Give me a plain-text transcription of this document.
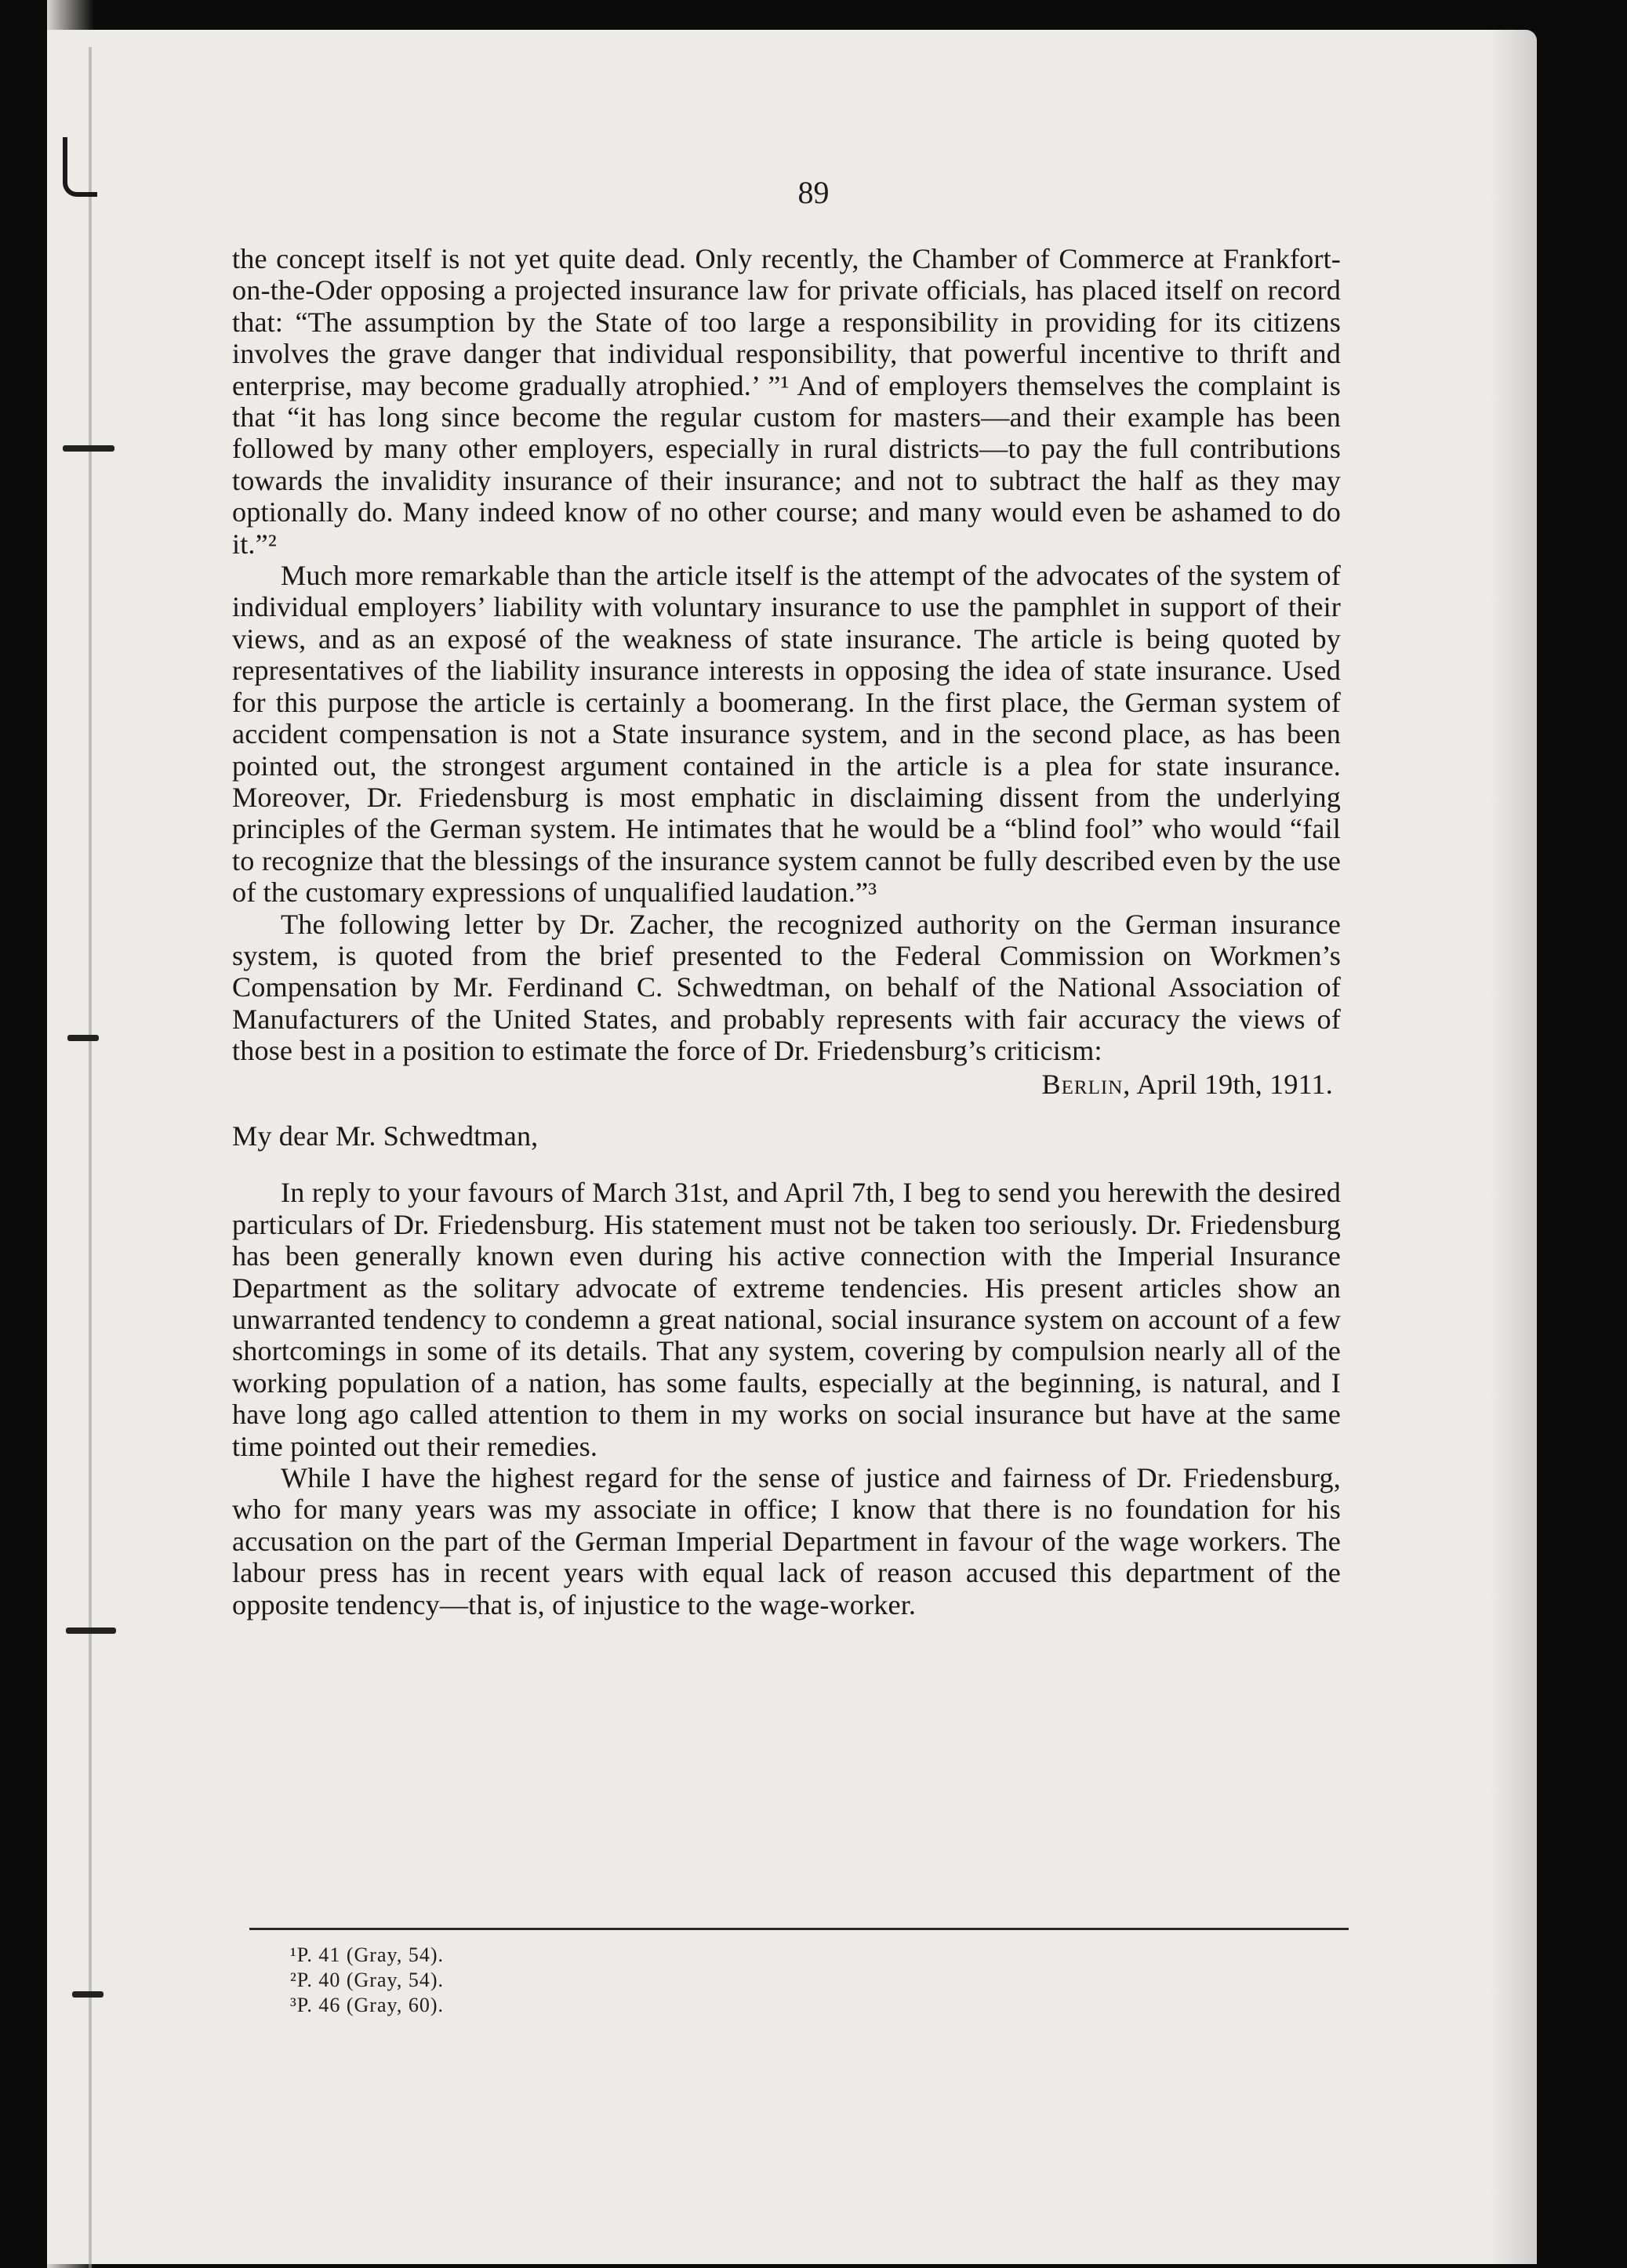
89

the concept itself is not yet quite dead. Only recently, the Chamber of Commerce at Frankfort-on-the-Oder opposing a projected insurance law for private officials, has placed itself on record that: “The assumption by the State of too large a responsibility in providing for its citizens involves the grave danger that individual responsibility, that powerful incentive to thrift and enterprise, may become gradually atrophied.’ ”¹ And of employers themselves the complaint is that “it has long since become the regular custom for masters—and their example has been followed by many other employers, especially in rural districts—to pay the full contributions towards the invalidity insurance of their insurance; and not to subtract the half as they may optionally do. Many indeed know of no other course; and many would even be ashamed to do it.”²

Much more remarkable than the article itself is the attempt of the advocates of the system of individual employers’ liability with voluntary insurance to use the pamphlet in support of their views, and as an exposé of the weakness of state insurance. The article is being quoted by representatives of the liability insurance interests in opposing the idea of state insurance. Used for this purpose the article is certainly a boomerang. In the first place, the German system of accident compensation is not a State insurance system, and in the second place, as has been pointed out, the strongest argument contained in the article is a plea for state insurance. Moreover, Dr. Friedensburg is most emphatic in disclaiming dissent from the underlying principles of the German system. He intimates that he would be a “blind fool” who would “fail to recognize that the blessings of the insurance system cannot be fully described even by the use of the customary expressions of unqualified laudation.”³

The following letter by Dr. Zacher, the recognized authority on the German insurance system, is quoted from the brief presented to the Federal Commission on Workmen’s Compensation by Mr. Ferdinand C. Schwedtman, on behalf of the National Association of Manufacturers of the United States, and probably represents with fair accuracy the views of those best in a position to estimate the force of Dr. Friedensburg’s criticism:

Berlin, April 19th, 1911.

My dear Mr. Schwedtman,

In reply to your favours of March 31st, and April 7th, I beg to send you herewith the desired particulars of Dr. Friedensburg. His statement must not be taken too seriously. Dr. Friedensburg has been generally known even during his active connection with the Imperial Insurance Department as the solitary advocate of extreme tendencies. His present articles show an unwarranted tendency to condemn a great national, social insurance system on account of a few shortcomings in some of its details. That any system, covering by compulsion nearly all of the working population of a nation, has some faults, especially at the beginning, is natural, and I have long ago called attention to them in my works on social insurance but have at the same time pointed out their remedies.

While I have the highest regard for the sense of justice and fairness of Dr. Friedensburg, who for many years was my associate in office; I know that there is no foundation for his accusation on the part of the German Imperial Department in favour of the wage workers. The labour press has in recent years with equal lack of reason accused this department of the opposite tendency—that is, of injustice to the wage-worker.

¹P. 41 (Gray, 54).
²P. 40 (Gray, 54).
³P. 46 (Gray, 60).
